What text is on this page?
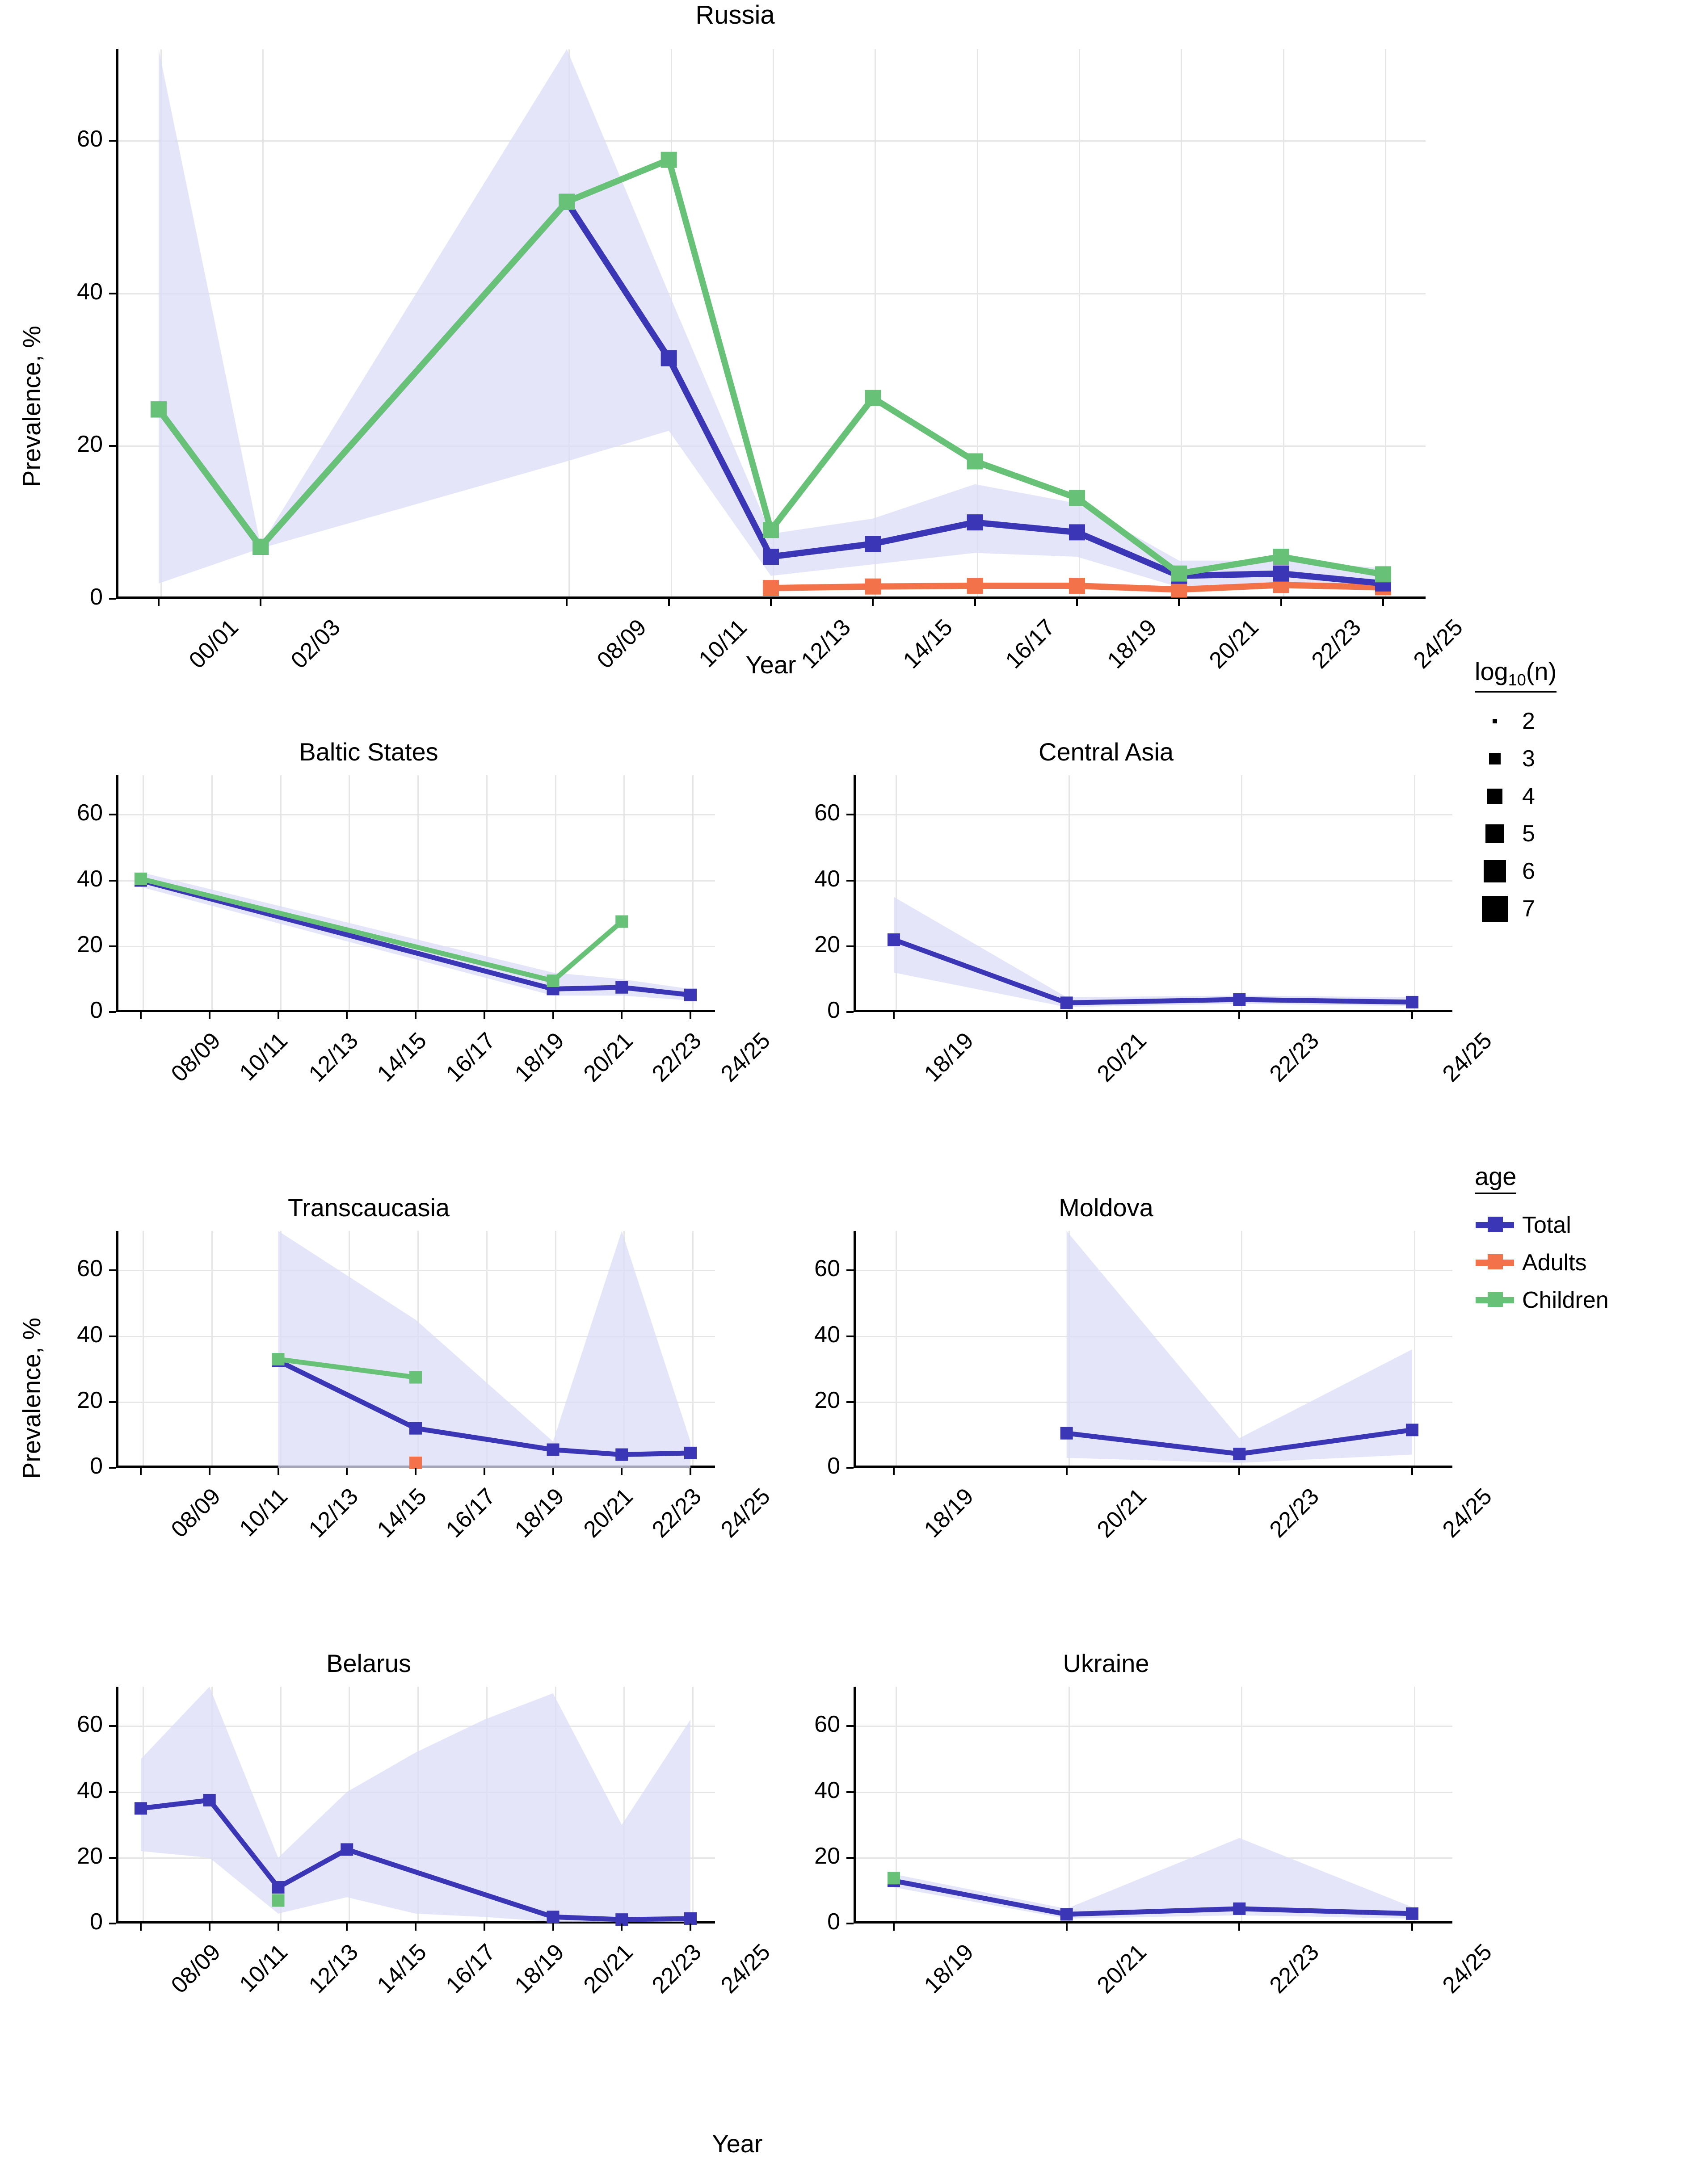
Russia
Prevalence, %
Year
0
20
40
60
00/01 02/03	08/09 10/11 12/13 14/15 16/17 18/19 20/21 22/23 24/25
Baltic States
0
20
40
60
08/09 10/11 12/13 14/15 16/17 18/19 20/21 22/23 24/25
Central Asia
0
20
40
60
18/19	20/21	22/23	24/25
Transcaucasia
Prevalence, %	0
20
40
60
08/09 10/11 12/13 14/15 16/17 18/19 20/21 22/23 24/25
Moldova
0
20
40
60
18/19	20/21	22/23	24/25
Belarus
0
20
40
60
08/09 10/11 12/13 14/15 16/17 18/19 20/21 22/23 24/25
Ukraine
0
20
40
60
18/19	20/21	22/23	24/25
Year
$\log_{10}(n)$
2
3
4
5
6
7
age
Total
Adults
Children
